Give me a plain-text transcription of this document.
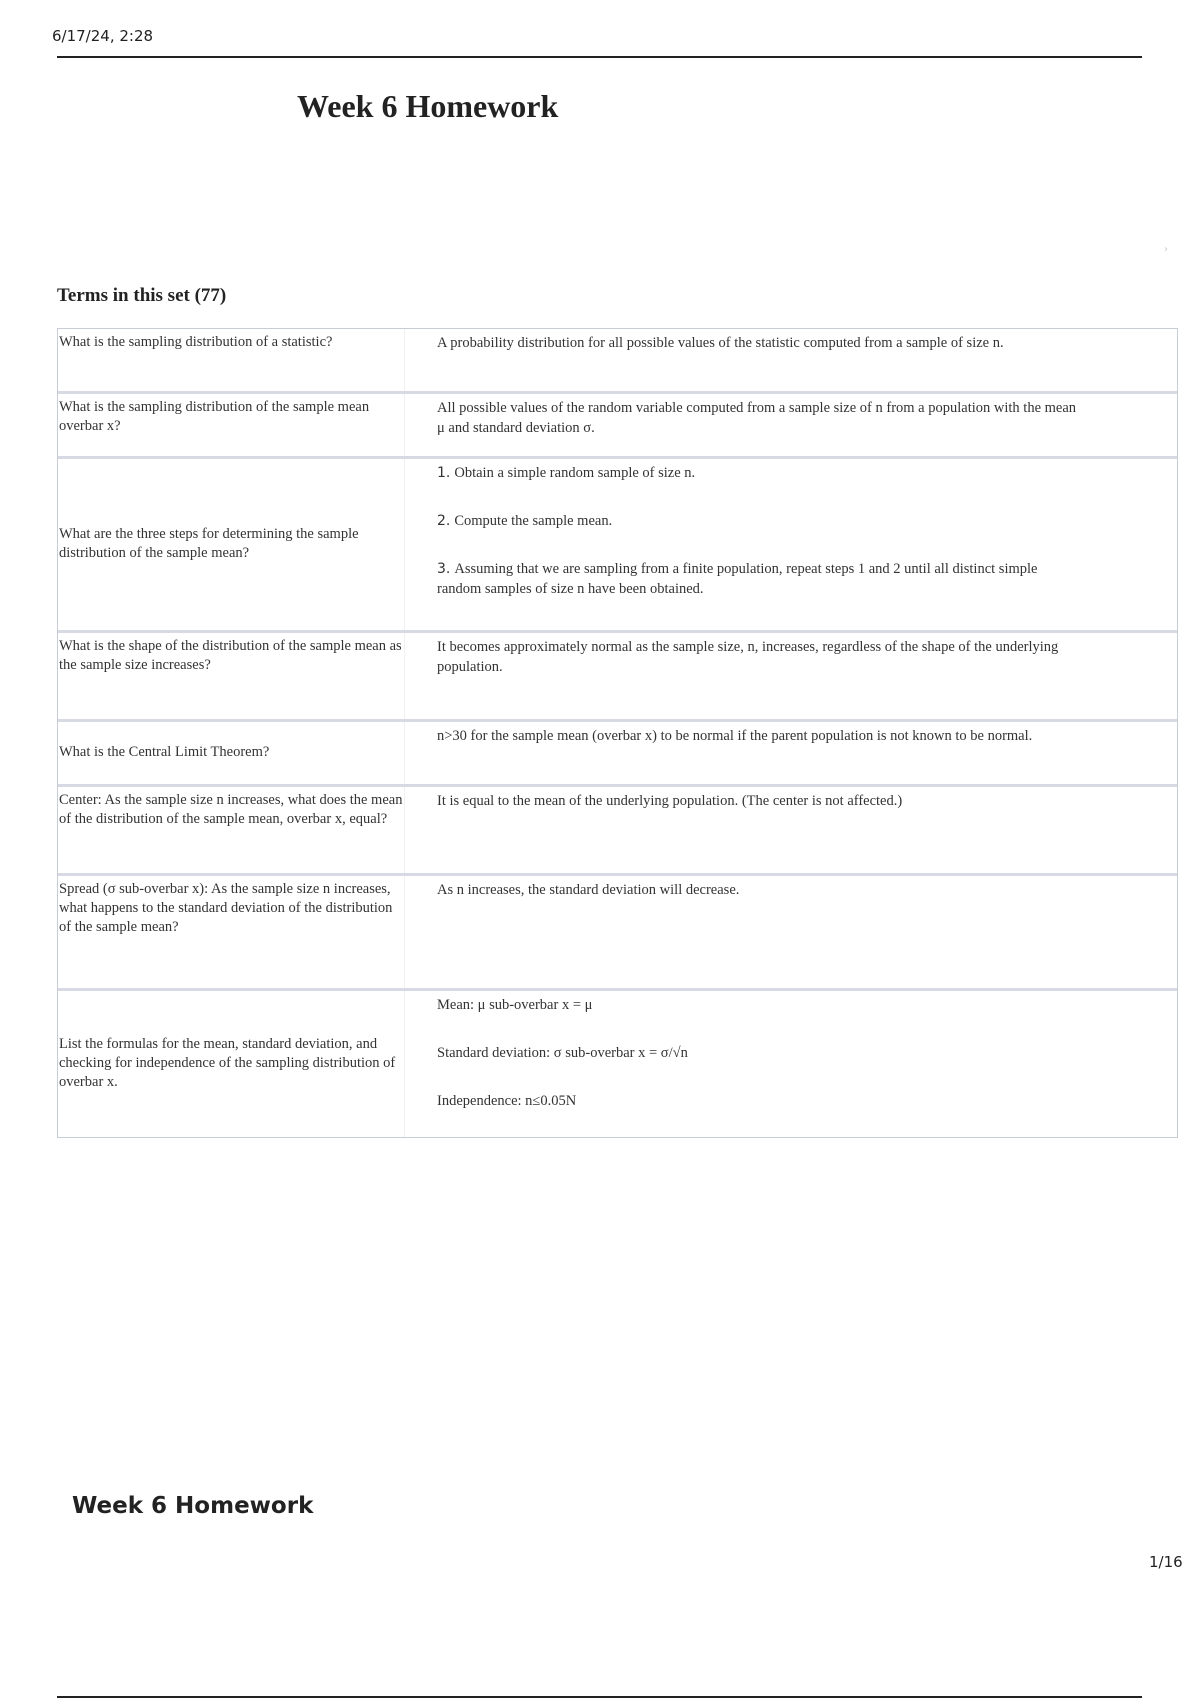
6/17/24, 2:28
Week 6 Homework
›
Terms in this set (77)
What is the sampling distribution of a statistic?	A probability distribution for all possible values of the statistic computed from a sample of size n.

What is the sampling distribution of the sample mean overbar x?

All possible values of the random variable computed from a sample size of n from a population with the mean μ and standard deviation σ.

What are the three steps for determining the sample distribution of the sample mean?

1. Obtain a simple random sample of size n.

2. Compute the sample mean.

3. Assuming that we are sampling from a finite population, repeat steps 1 and 2 until all distinct simple random samples of size n have been obtained.

What is the shape of the distribution of the sample mean as the sample size increases?

It becomes approximately normal as the sample size, n, increases, regardless of the shape of the underlying population.

What is the Central Limit Theorem?

n>30 for the sample mean (overbar x) to be normal if the parent population is not known to be normal.

Center: As the sample size n increases, what does the mean of the distribution of the sample mean, overbar x, equal?

It is equal to the mean of the underlying population. (The center is not affected.)

Spread (σ sub-overbar x): As the sample size n increases, what happens to the standard deviation of the distribution of the sample mean?

As n increases, the standard deviation will decrease.

List the formulas for the mean, standard deviation, and checking for independence of the sampling distribution of overbar x.

Mean: μ sub-overbar x = μ

Standard deviation: σ sub-overbar x = σ/√n

Independence: n≤0.05N

Week 6 Homework
1/16
